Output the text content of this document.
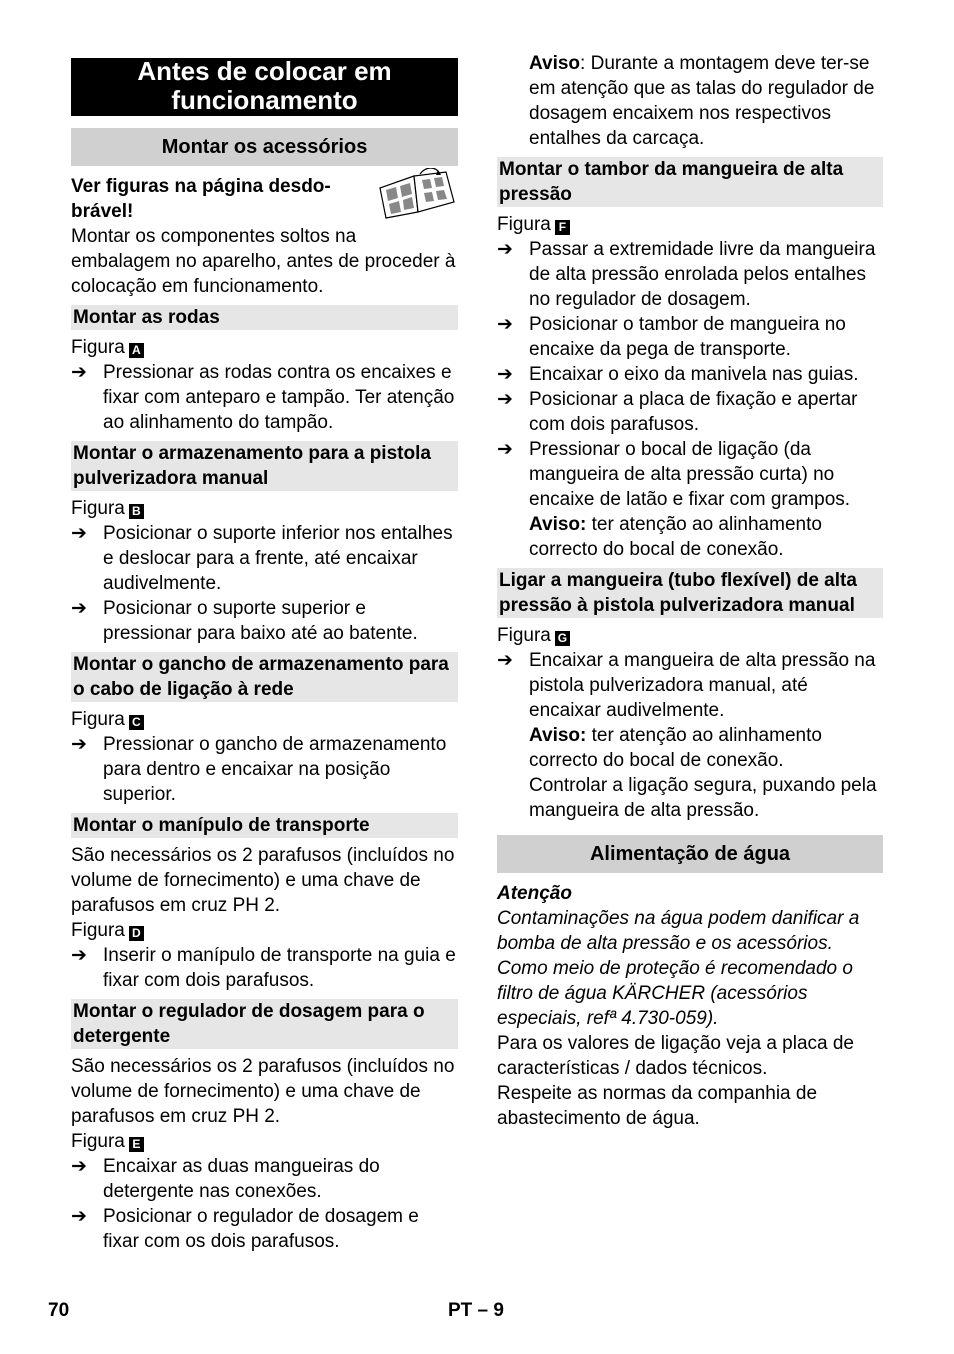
Antes de colocar em funcionamento
Montar os acessórios

Ver figuras na página desdo-

brável!

Montar os componentes soltos na embalagem no aparelho, antes de proceder à colocação em funcionamento.

Montar as rodas

Figura A

➔ Pressionar as rodas contra os encaixes e fixar com anteparo e tampão. Ter atenção ao alinhamento do tampão.
Montar o armazenamento para a pistola pulverizadora manual

Figura B

➔ Posicionar o suporte inferior nos entalhes e deslocar para a frente, até encaixar audivelmente.
➔ Posicionar o suporte superior e pressionar para baixo até ao batente.
Montar o gancho de armazenamento para o cabo de ligação à rede

Figura C

➔ Pressionar o gancho de armazenamento para dentro e encaixar na posição superior.
Montar o manípulo de transporte

São necessários os 2 parafusos (incluídos no volume de fornecimento) e uma chave de parafusos em cruz PH 2.

Figura D

➔ Inserir o manípulo de transporte na guia e fixar com dois parafusos.
Montar o regulador de dosagem para o detergente

São necessários os 2 parafusos (incluídos no volume de fornecimento) e uma chave de parafusos em cruz PH 2.

Figura E

➔ Encaixar as duas mangueiras do detergente nas conexões.
➔ Posicionar o regulador de dosagem e fixar com os dois parafusos.

Aviso: Durante a montagem deve ter-se em atenção que as talas do regulador de dosagem encaixem nos respectivos entalhes da carcaça.

Montar o tambor da mangueira de alta pressão

Figura F

➔ Passar a extremidade livre da mangueira de alta pressão enrolada pelos entalhes no regulador de dosagem.
➔ Posicionar o tambor de mangueira no encaixe da pega de transporte.
➔ Encaixar o eixo da manivela nas guias.
➔ Posicionar a placa de fixação e apertar com dois parafusos.
➔ Pressionar o bocal de ligação (da mangueira de alta pressão curta) no encaixe de latão e fixar com grampos.

Aviso: ter atenção ao alinhamento correcto do bocal de conexão.

Ligar a mangueira (tubo flexível) de alta pressão à pistola pulverizadora manual

Figura G

➔ Encaixar a mangueira de alta pressão na pistola pulverizadora manual, até encaixar audivelmente.

Aviso: ter atenção ao alinhamento correcto do bocal de conexão.

Controlar a ligação segura, puxando pela mangueira de alta pressão.

Alimentação de água

Atenção

Contaminações na água podem danificar a bomba de alta pressão e os acessórios. Como meio de proteção é recomendado o filtro de água KÄRCHER (acessórios especiais, refª 4.730-059).

Para os valores de ligação veja a placa de características / dados técnicos.

Respeite as normas da companhia de abastecimento de água.

70	PT – 9
